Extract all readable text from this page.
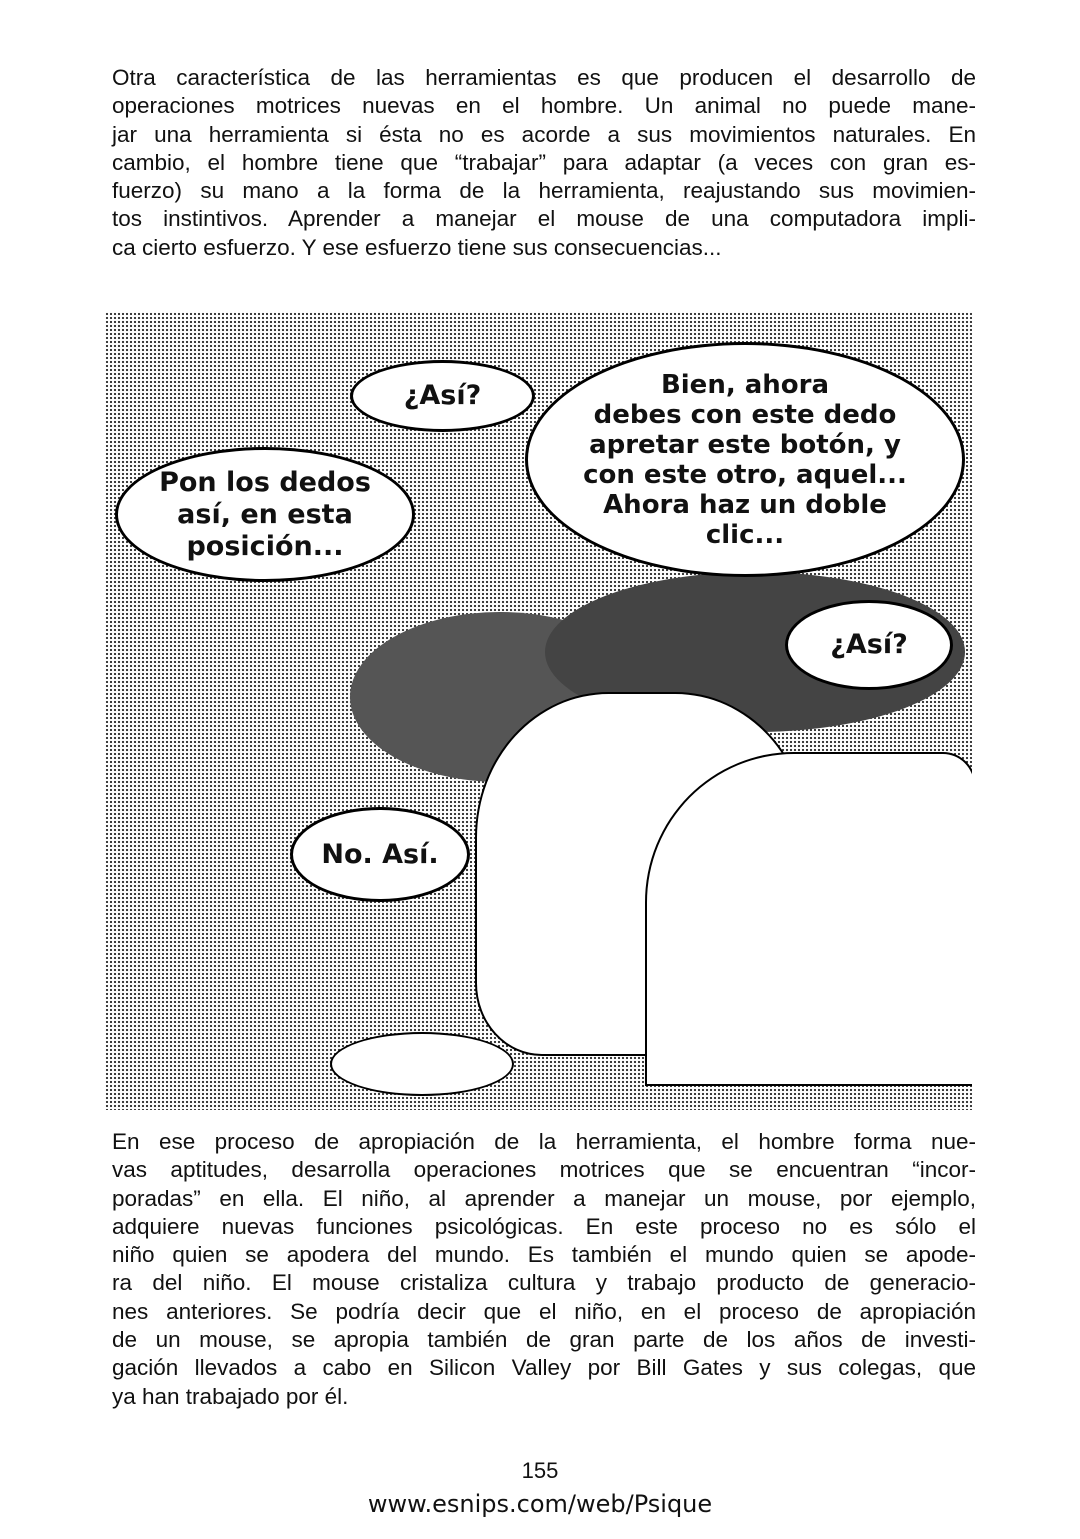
Otra característica de las herramientas es que producen el desarrollo de
operaciones motrices nuevas en el hombre. Un animal no puede mane-
jar una herramienta si ésta no es acorde a sus movimientos naturales. En
cambio, el hombre tiene que “trabajar” para adaptar (a veces con gran es-
fuerzo) su mano a la forma de la herramienta, reajustando sus movimien-
tos instintivos. Aprender a manejar el mouse de una computadora impli-
ca cierto esfuerzo. Y ese esfuerzo tiene sus consecuencias...
¿Así?	Bien, ahora
debes con este dedo
apretar este botón, y
con este otro, aquel...
Ahora haz un doble
clic...
Pon los dedos
así, en esta
posición...
¿Así?
No. Así.
En ese proceso de apropiación de la herramienta, el hombre forma nue-
vas aptitudes, desarrolla operaciones motrices que se encuentran “incor-
poradas” en ella. El niño, al aprender a manejar un mouse, por ejemplo,
adquiere nuevas funciones psicológicas. En este proceso no es sólo el
niño quien se apodera del mundo. Es también el mundo quien se apode-
ra del niño. El mouse cristaliza cultura y trabajo producto de generacio-
nes anteriores. Se podría decir que el niño, en el proceso de apropiación
de un mouse, se apropia también de gran parte de los años de investi-
gación llevados a cabo en Silicon Valley por Bill Gates y sus colegas, que
ya han trabajado por él.
155
www.esnips.com/web/Psique
